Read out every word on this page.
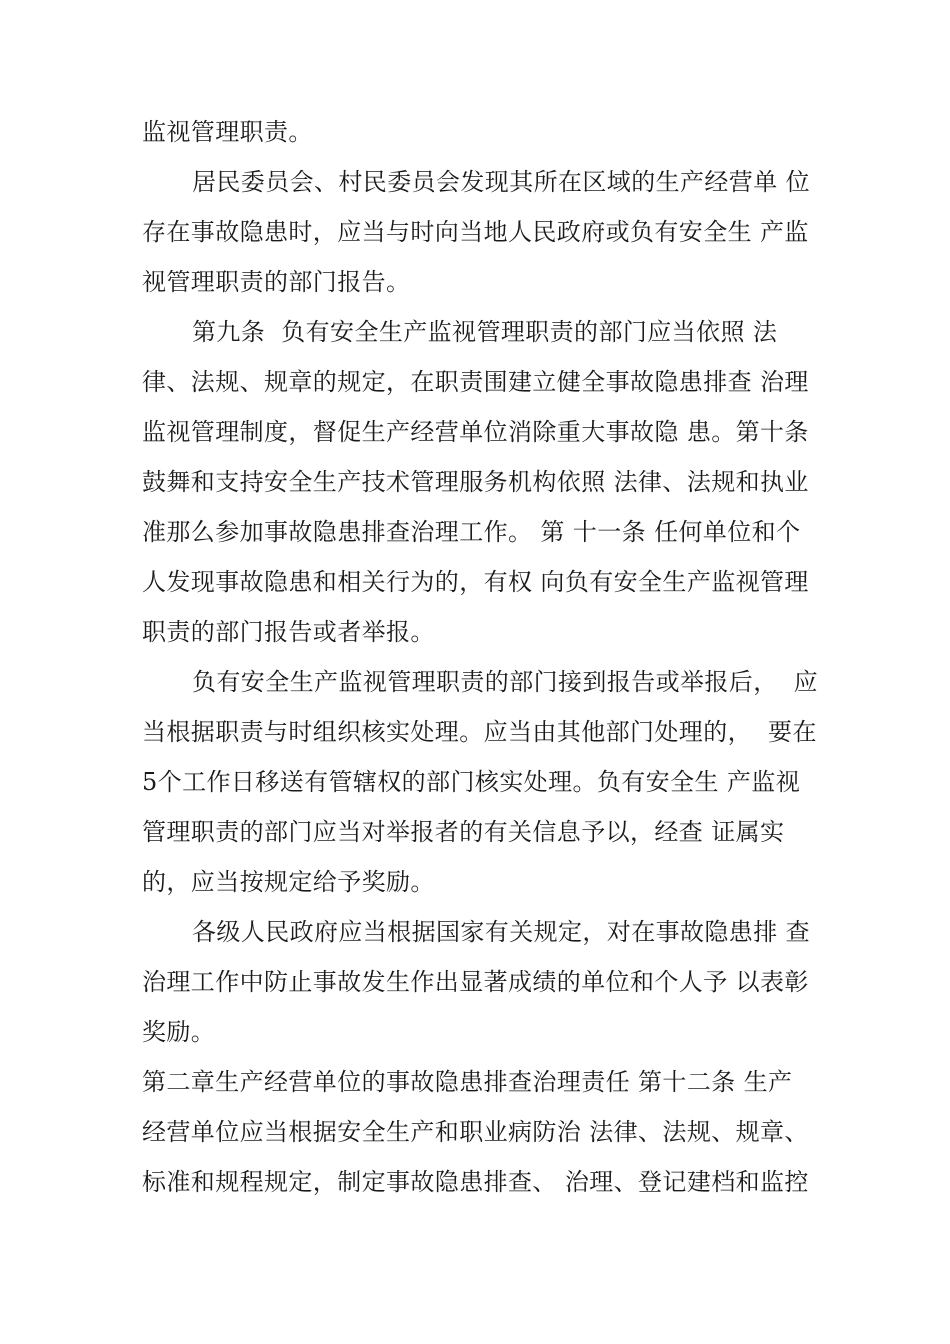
监视管理职责。
居民委员会、村民委员会发现其所在区域的生产经营单 位
存在事故隐患时，应当与时向当地人民政府或负有安全生 产监
视管理职责的部门报告。
第九条  负有安全生产监视管理职责的部门应当依照 法
律、法规、规章的规定，在职责围建立健全事故隐患排查 治理
监视管理制度，督促生产经营单位消除重大事故隐 患。第十条
鼓舞和支持安全生产技术管理服务机构依照 法律、法规和执业
准那么参加事故隐患排查治理工作。 第 十一条 任何单位和个
人发现事故隐患和相关行为的，有权 向负有安全生产监视管理
职责的部门报告或者举报。
负有安全生产监视管理职责的部门接到报告或举报后，  应
当根据职责与时组织核实处理。应当由其他部门处理的，  要在
5个工作日移送有管辖权的部门核实处理。负有安全生 产监视
管理职责的部门应当对举报者的有关信息予以，经查 证属实
的，应当按规定给予奖励。
各级人民政府应当根据国家有关规定，对在事故隐患排 查
治理工作中防止事故发生作出显著成绩的单位和个人予 以表彰
奖励。
第二章生产经营单位的事故隐患排查治理责任 第十二条 生产
经营单位应当根据安全生产和职业病防治 法律、法规、规章、
标准和规程规定，制定事故隐患排查、 治理、登记建档和监控
